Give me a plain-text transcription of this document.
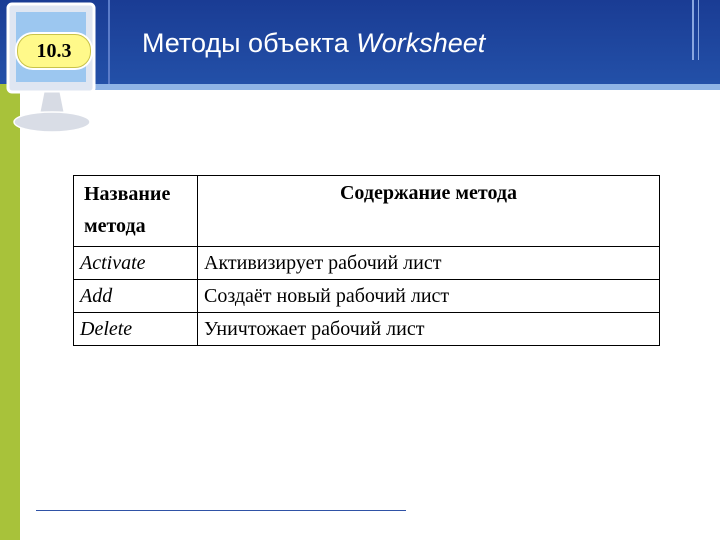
10.3	Методы объекта Worksheet
Название метода	Содержание метода
Activate	Активизирует рабочий лист
Add	Создаёт новый рабочий лист
Delete	Уничтожает рабочий лист
